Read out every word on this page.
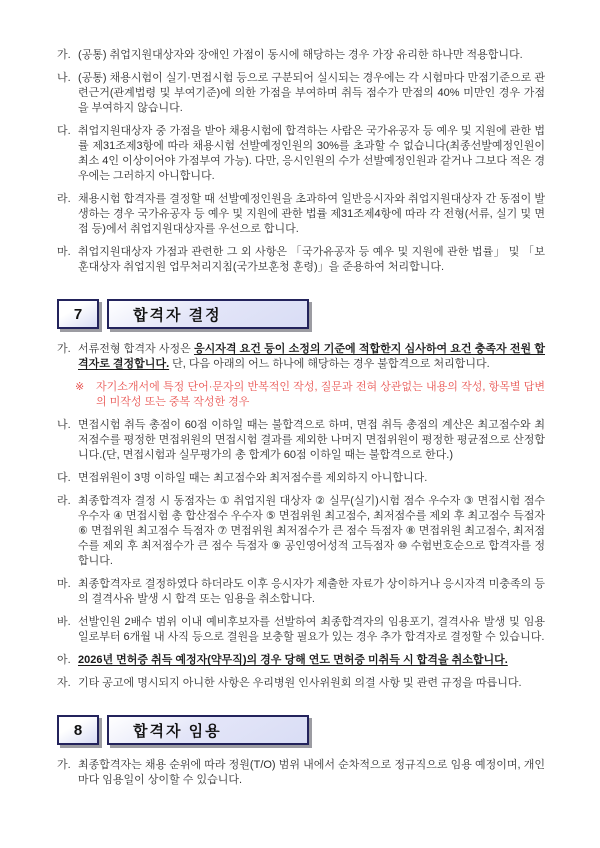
가. (공통) 취업지원대상자와 장애인 가점이 동시에 해당하는 경우 가장 유리한 하나만 적용합니다.
나. (공통) 채용시험이 실기·면접시험 등으로 구분되어 실시되는 경우에는 각 시험마다 만점기준으로 관련근거(관계법령 및 부여기준)에 의한 가점을 부여하며 취득 점수가 만점의 40% 미만인 경우 가점을 부여하지 않습니다.
다. 취업지원대상자 중 가점을 받아 채용시험에 합격하는 사람은 국가유공자 등 예우 및 지원에 관한 법률 제31조제3항에 따라 채용시험 선발예정인원의 30%를 초과할 수 없습니다(최종선발예정인원이 최소 4인 이상이어야 가점부여 가능). 다만, 응시인원의 수가 선발예정인원과 같거나 그보다 적은 경우에는 그러하지 아니합니다.
라. 채용시험 합격자를 결정할 때 선발예정인원을 초과하여 일반응시자와 취업지원대상자 간 동점이 발생하는 경우 국가유공자 등 예우 및 지원에 관한 법률 제31조제4항에 따라 각 전형(서류, 실기 및 면접 등)에서 취업지원대상자를 우선으로 합니다.
마. 취업지원대상자 가점과 관련한 그 외 사항은 「국가유공자 등 예우 및 지원에 관한 법률」 및 「보훈대상자 취업지원 업무처리지침(국가보훈청 훈령)」을 준용하여 처리합니다.
7	합격자 결정
가. 서류전형 합격자 사정은 응시자격 요건 등이 소정의 기준에 적합한지 심사하여 요건 충족자 전원 합격자로 결정합니다. 단, 다음 아래의 어느 하나에 해당하는 경우 불합격으로 처리합니다.
※ 자기소개서에 특정 단어·문자의 반복적인 작성, 질문과 전혀 상관없는 내용의 작성, 항목별 답변의 미작성 또는 중복 작성한 경우
나. 면접시험 취득 총점이 60점 이하일 때는 불합격으로 하며, 면접 취득 총점의 계산은 최고점수와 최저점수를 평정한 면접위원의 면접시험 결과를 제외한 나머지 면접위원이 평정한 평균점으로 산정합니다.(단, 면접시험과 실무평가의 총 합계가 60점 이하일 때는 불합격으로 한다.)
다. 면접위원이 3명 이하일 때는 최고점수와 최저점수를 제외하지 아니합니다.
라. 최종합격자 결정 시 동점자는 ① 취업지원 대상자 ② 실무(실기)시험 점수 우수자 ③ 면접시험 점수 우수자 ④ 면접시험 총 합산점수 우수자 ⑤ 면접위원 최고점수, 최저점수를 제외 후 최고점수 득점자 ⑥ 면접위원 최고점수 득점자 ⑦ 면접위원 최저점수가 큰 점수 득점자 ⑧ 면접위원 최고점수, 최저점수를 제외 후 최저점수가 큰 점수 득점자 ⑨ 공인영어성적 고득점자 ⑩ 수험번호순으로 합격자를 정합니다.
마. 최종합격자로 결정하였다 하더라도 이후 응시자가 제출한 자료가 상이하거나 응시자격 미충족의 등의 결격사유 발생 시 합격 또는 임용을 취소합니다.
바. 선발인원 2배수 범위 이내 예비후보자를 선발하여 최종합격자의 임용포기, 결격사유 발생 및 임용일로부터 6개월 내 사직 등으로 결원을 보충할 필요가 있는 경우 추가 합격자로 결정할 수 있습니다.
아. 2026년 면허증 취득 예정자(약무직)의 경우 당해 연도 면허증 미취득 시 합격을 취소합니다.
자. 기타 공고에 명시되지 아니한 사항은 우리병원 인사위원회 의결 사항 및 관련 규정을 따릅니다.
8	합격자 임용
가. 최종합격자는 채용 순위에 따라 정원(T/O) 범위 내에서 순차적으로 정규직으로 임용 예정이며, 개인마다 임용일이 상이할 수 있습니다.
